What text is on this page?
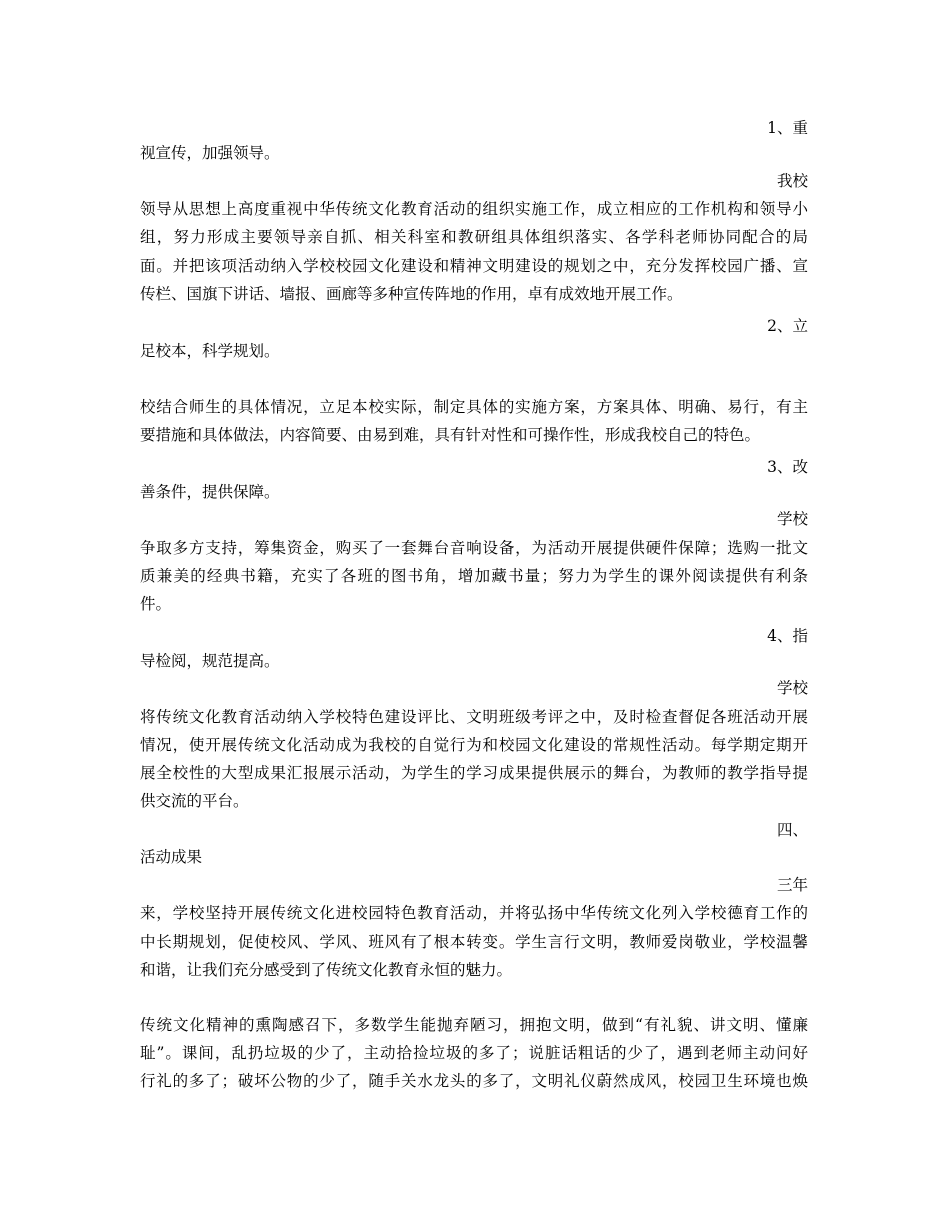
1、重
视宣传，加强领导。
我校
领导从思想上高度重视中华传统文化教育活动的组织实施工作，成立相应的工作机构和领导小
组，努力形成主要领导亲自抓、相关科室和教研组具体组织落实、各学科老师协同配合的局
面。并把该项活动纳入学校校园文化建设和精神文明建设的规划之中，充分发挥校园广播、宣
传栏、国旗下讲话、墙报、画廊等多种宣传阵地的作用，卓有成效地开展工作。
2、立
足校本，科学规划。
校结合师生的具体情况，立足本校实际，制定具体的实施方案，方案具体、明确、易行，有主
要措施和具体做法，内容简要、由易到难，具有针对性和可操作性，形成我校自己的特色。
3、改
善条件，提供保障。
学校
争取多方支持，筹集资金，购买了一套舞台音响设备，为活动开展提供硬件保障；选购一批文
质兼美的经典书籍，充实了各班的图书角，增加藏书量；努力为学生的课外阅读提供有利条
件。
4、指
导检阅，规范提高。
学校
将传统文化教育活动纳入学校特色建设评比、文明班级考评之中，及时检查督促各班活动开展
情况，使开展传统文化活动成为我校的自觉行为和校园文化建设的常规性活动。每学期定期开
展全校性的大型成果汇报展示活动，为学生的学习成果提供展示的舞台，为教师的教学指导提
供交流的平台。
四、
活动成果
三年
来，学校坚持开展传统文化进校园特色教育活动，并将弘扬中华传统文化列入学校德育工作的
中长期规划，促使校风、学风、班风有了根本转变。学生言行文明，教师爱岗敬业，学校温馨
和谐，让我们充分感受到了传统文化教育永恒的魅力。
传统文化精神的熏陶感召下，多数学生能抛弃陋习，拥抱文明，做到“有礼貌、讲文明、懂廉
耻”。课间，乱扔垃圾的少了，主动拾捡垃圾的多了；说脏话粗话的少了，遇到老师主动问好
行礼的多了；破坏公物的少了，随手关水龙头的多了，文明礼仪蔚然成风，校园卫生环境也焕
